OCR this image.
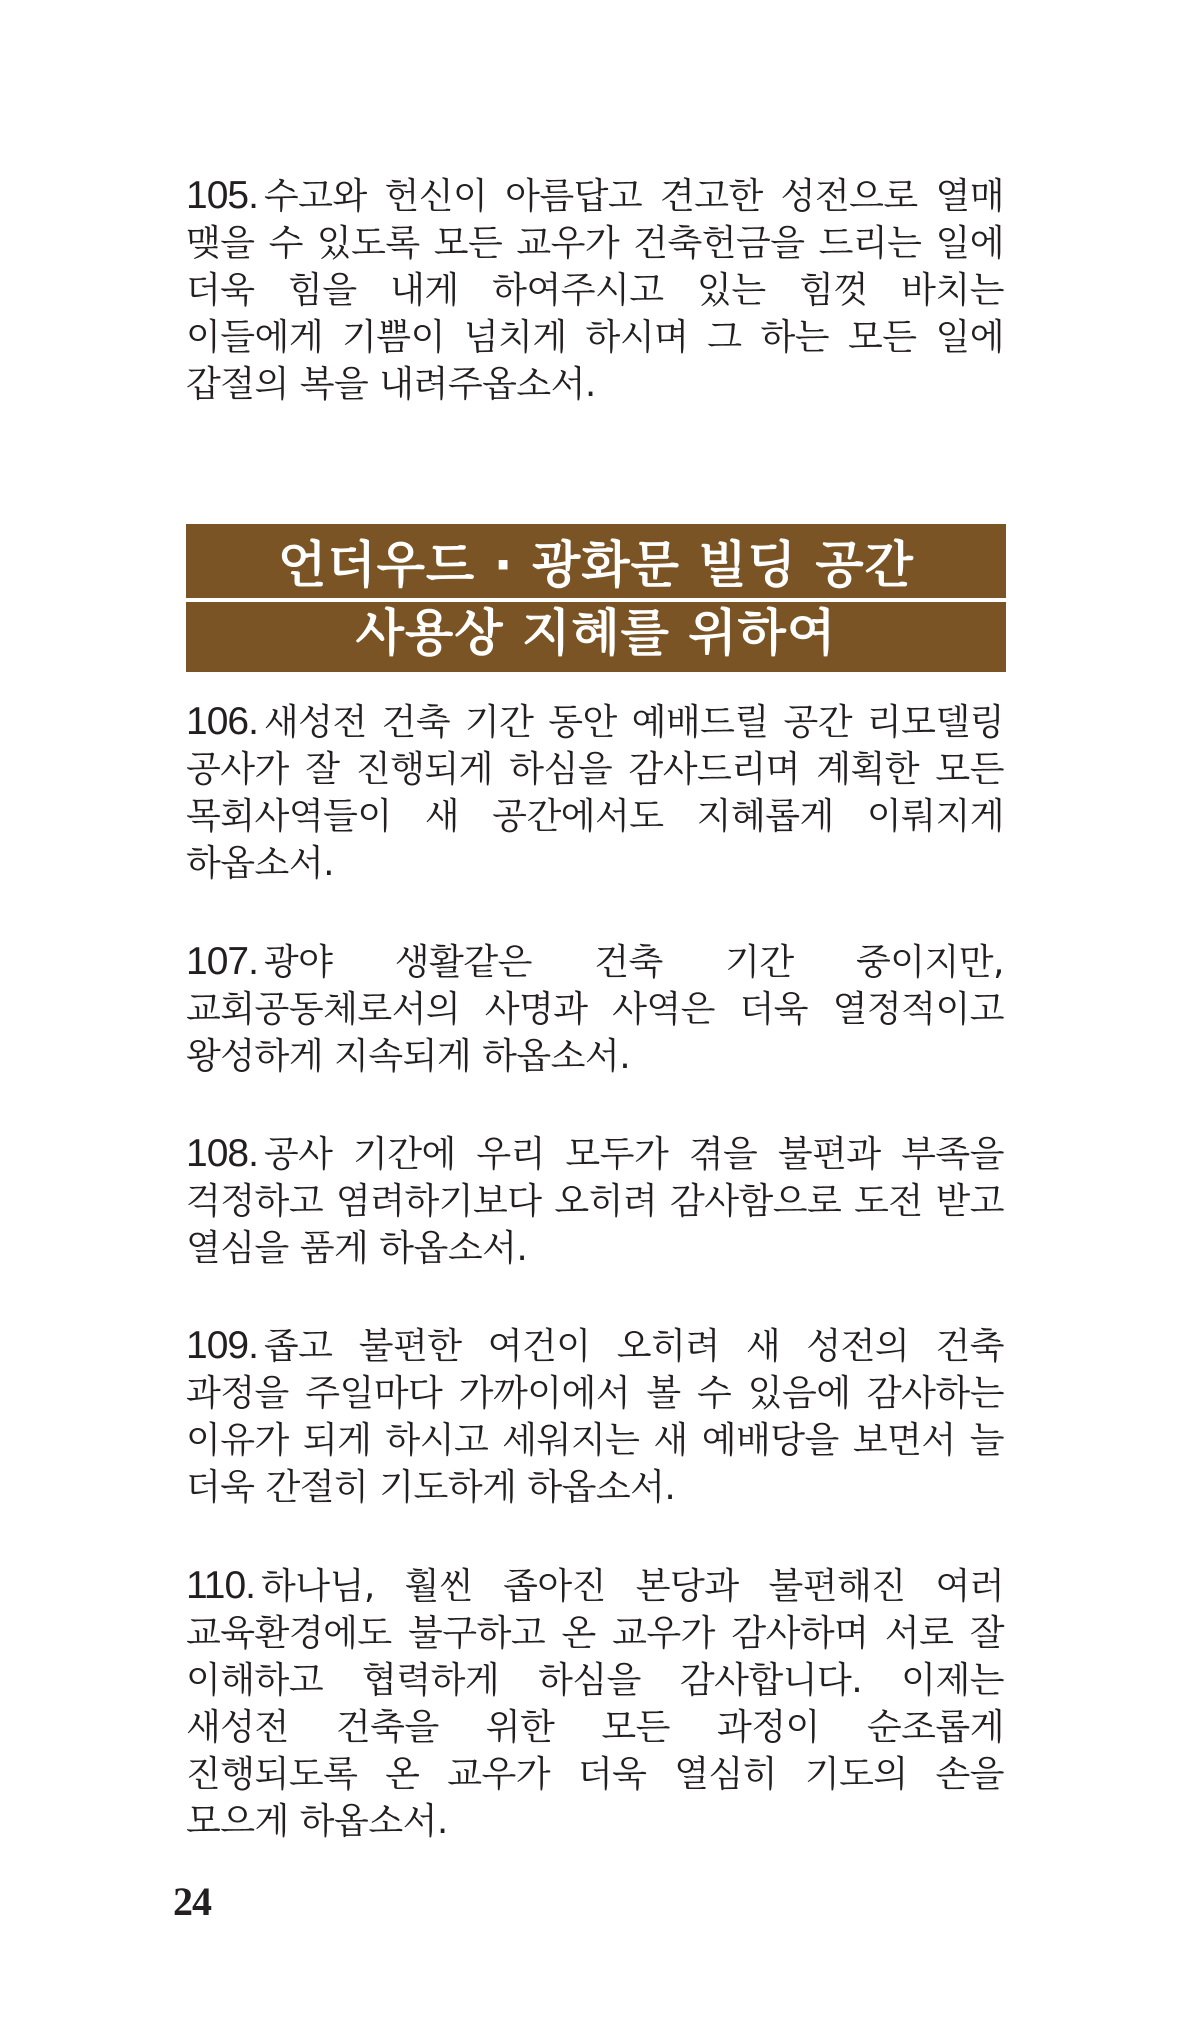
105. 수고와 헌신이 아름답고 견고한 성전으로 열매 맺을 수 있도록 모든 교우가 건축헌금을 드리는 일에 더욱 힘을 내게 하여주시고 있는 힘껏 바치는 이들에게 기쁨이 넘치게 하시며 그 하는 모든 일에 갑절의 복을 내려주옵소서.

언더우드 · 광화문 빌딩 공간
사용상 지혜를 위하여

106. 새성전 건축 기간 동안 예배드릴 공간 리모델링 공사가 잘 진행되게 하심을 감사드리며 계획한 모든 목회사역들이 새 공간에서도 지혜롭게 이뤄지게 하옵소서.

107. 광야 생활같은 건축 기간 중이지만, 교회공동체로서의 사명과 사역은 더욱 열정적이고 왕성하게 지속되게 하옵소서.

108. 공사 기간에 우리 모두가 겪을 불편과 부족을 걱정하고 염려하기보다 오히려 감사함으로 도전 받고 열심을 품게 하옵소서.

109. 좁고 불편한 여건이 오히려 새 성전의 건축 과정을 주일마다 가까이에서 볼 수 있음에 감사하는 이유가 되게 하시고 세워지는 새 예배당을 보면서 늘 더욱 간절히 기도하게 하옵소서.

110. 하나님, 훨씬 좁아진 본당과 불편해진 여러 교육환경에도 불구하고 온 교우가 감사하며 서로 잘 이해하고 협력하게 하심을 감사합니다. 이제는 새성전 건축을 위한 모든 과정이 순조롭게 진행되도록 온 교우가 더욱 열심히 기도의 손을 모으게 하옵소서.

24
